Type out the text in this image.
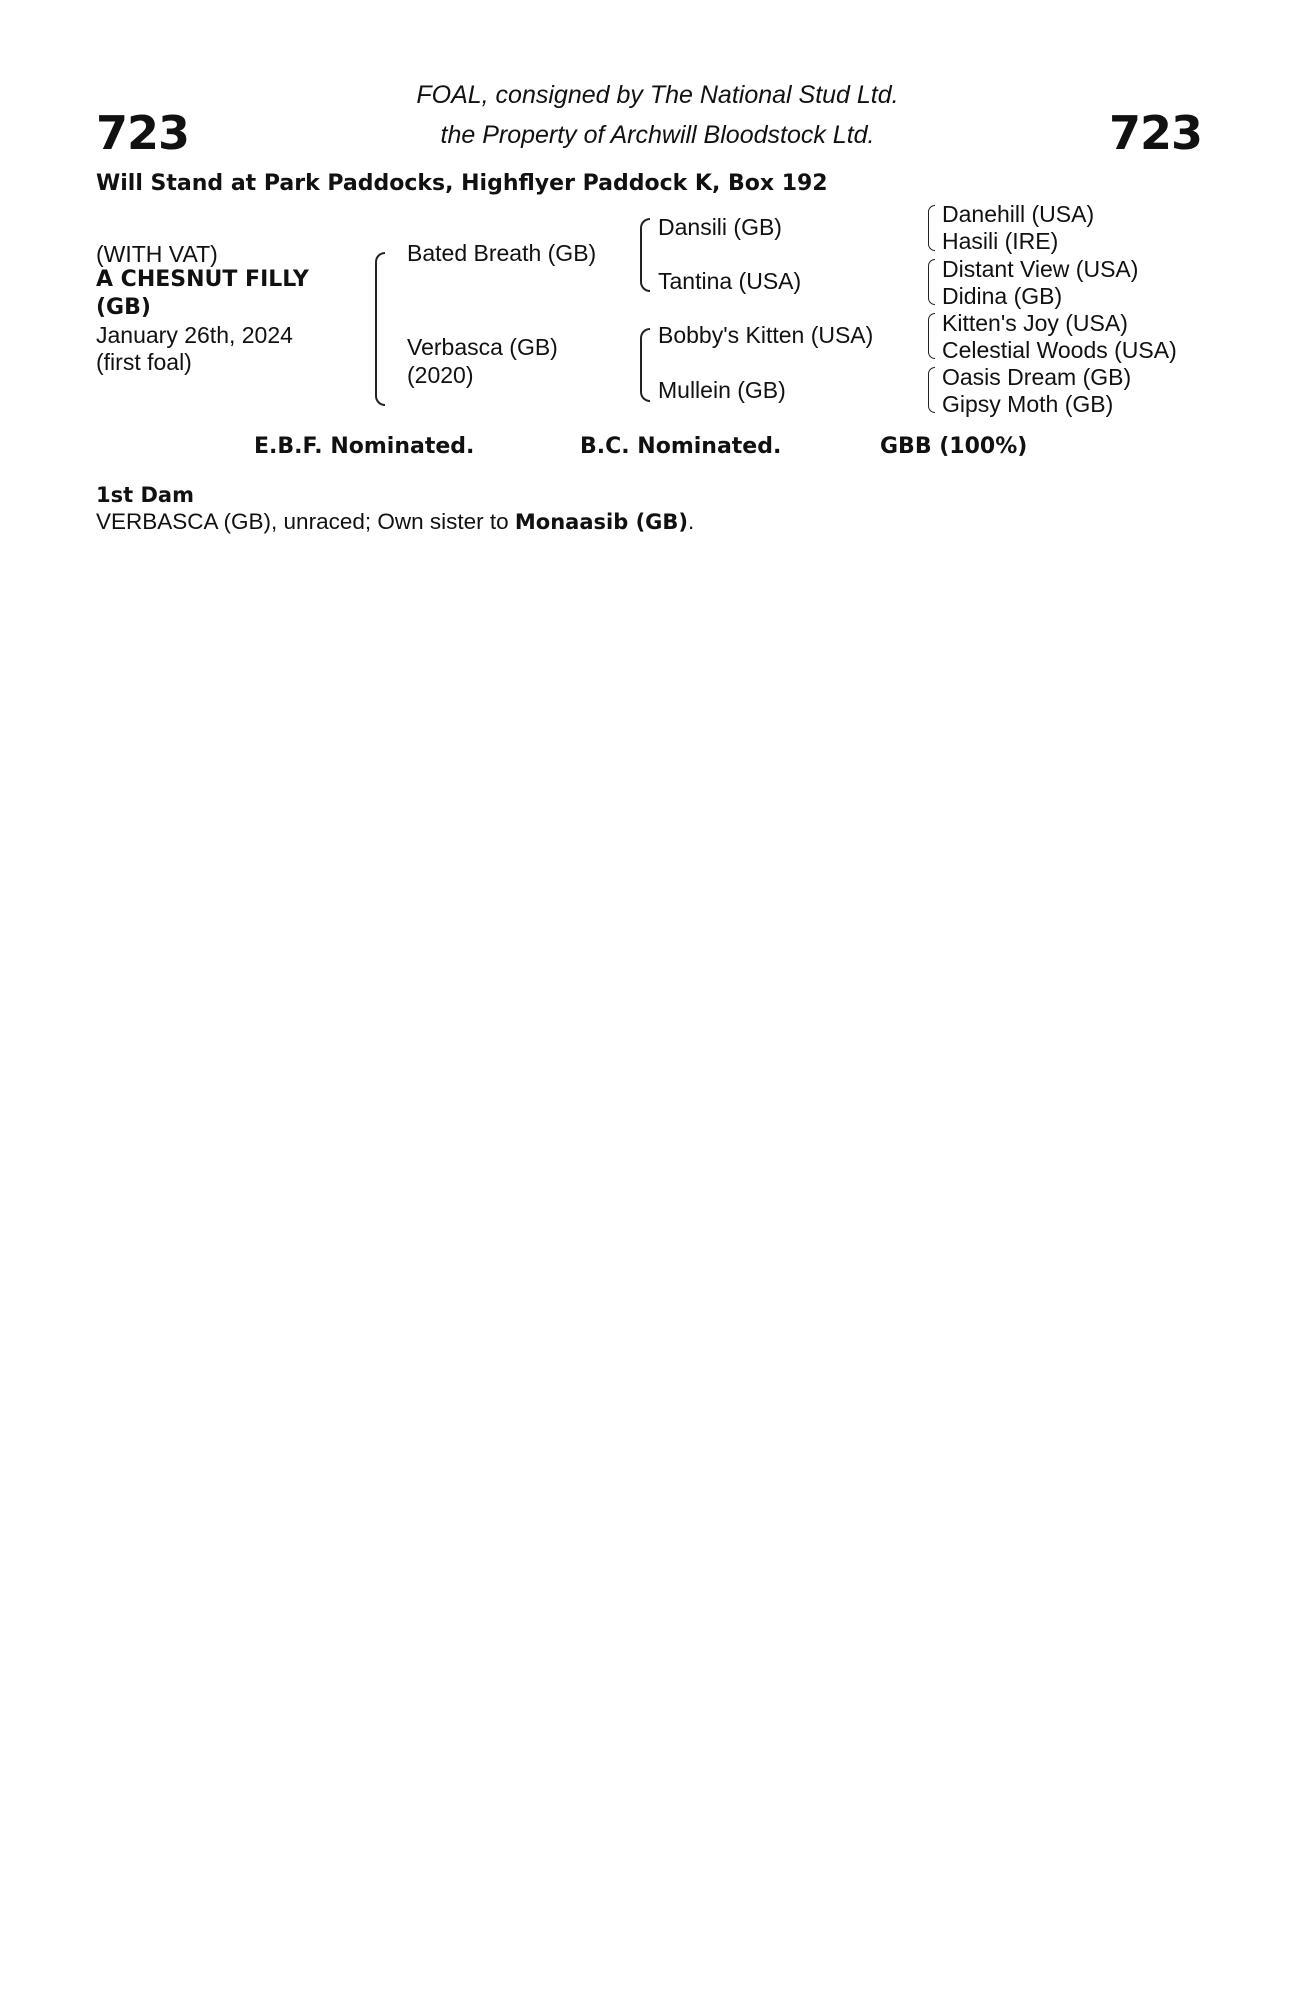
723	723
FOAL, consigned by The National Stud Ltd.
the Property of Archwill Bloodstock Ltd.
Will Stand at Park Paddocks, Highflyer Paddock K, Box 192
(WITH VAT)
A CHESNUT FILLY
(GB)
January 26th, 2024
(first foal)
Bated Breath (GB)
Verbasca (GB)
(2020)
Dansili (GB)
Tantina (USA)
Bobby's Kitten (USA)
Mullein (GB)
Danehill (USA)
Hasili (IRE)
Distant View (USA)
Didina (GB)
Kitten's Joy (USA)
Celestial Woods (USA)
Oasis Dream (GB)
Gipsy Moth (GB)
E.B.F. Nominated.	B.C. Nominated.	GBB (100%)
1st Dam

VERBASCA (GB), unraced; Own sister to Monaasib (GB).
